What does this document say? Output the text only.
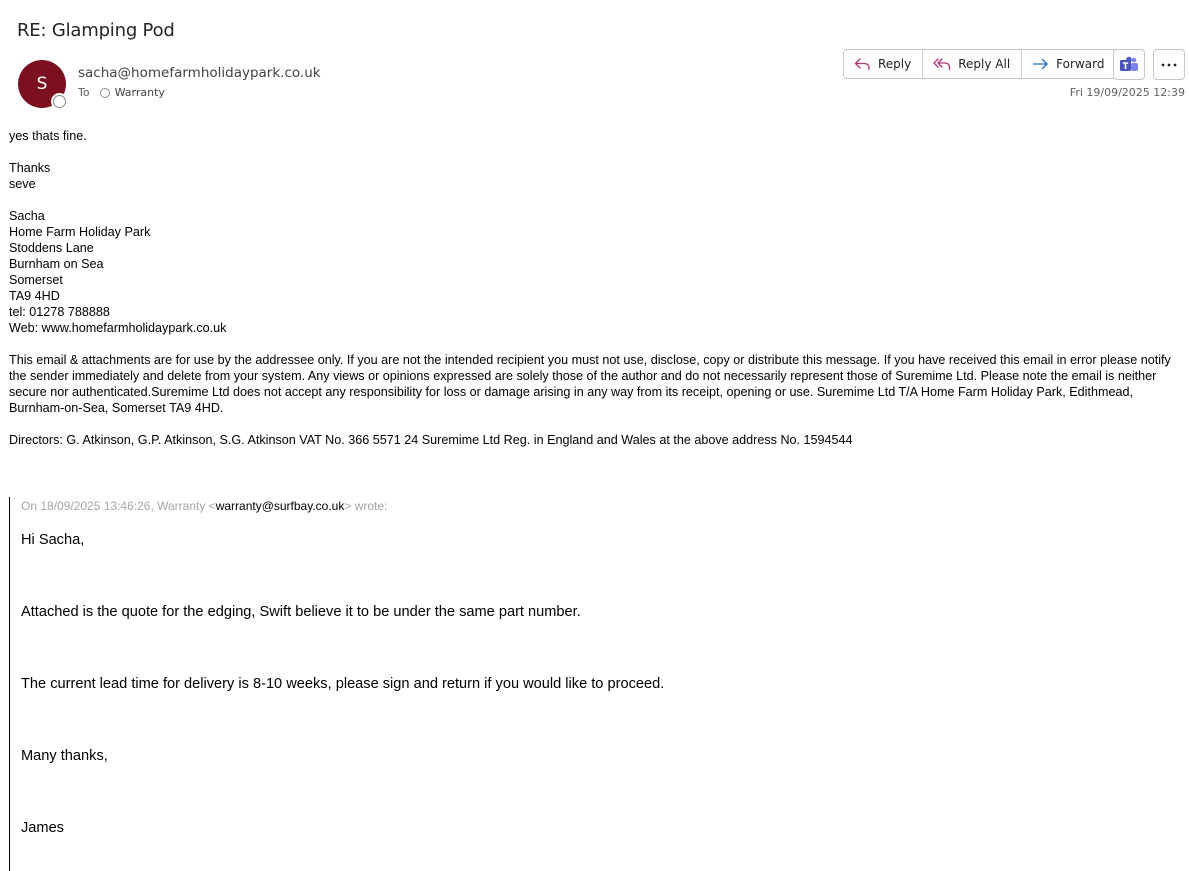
RE: Glamping Pod
S
sacha@homefarmholidaypark.co.uk
To Warranty
Reply	Reply All	Forward
Fri 19/09/2025 12:39

yes thats fine.

Thanks

seve

Sacha

Home Farm Holiday Park

Stoddens Lane

Burnham on Sea

Somerset

TA9 4HD

tel: 01278 788888

Web: www.homefarmholidaypark.co.uk

This email & attachments are for use by the addressee only. If you are not the intended recipient you must not use, disclose, copy or distribute this message. If you have received this email in error please notify the sender immediately and delete from your system. Any views or opinions expressed are solely those of the author and do not necessarily represent those of Suremime Ltd. Please note the email is neither secure nor authenticated.Suremime Ltd does not accept any responsibility for loss or damage arising in any way from its receipt, opening or use. Suremime Ltd T/A Home Farm Holiday Park, Edithmead, Burnham-on-Sea, Somerset TA9 4HD.

Directors: G. Atkinson, G.P. Atkinson, S.G. Atkinson VAT No. 366 5571 24 Suremime Ltd Reg. in England and Wales at the above address No. 1594544

On 18/09/2025 13:46:26, Warranty <warranty@surfbay.co.uk> wrote:

Hi Sacha,

Attached is the quote for the edging, Swift believe it to be under the same part number.

The current lead time for delivery is 8-10 weeks, please sign and return if you would like to proceed.

Many thanks,

James
